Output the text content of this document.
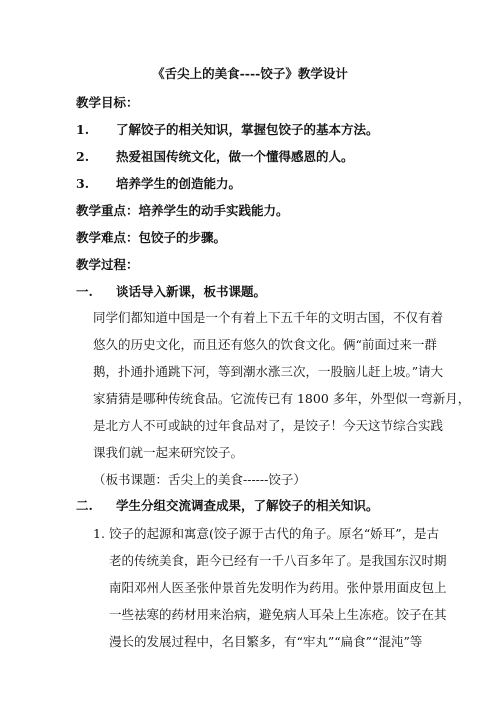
《舌尖上的美食----饺子》教学设计
教学目标：
1. 了解饺子的相关知识，掌握包饺子的基本方法。
2. 热爱祖国传统文化，做一个懂得感恩的人。
3. 培养学生的创造能力。
教学重点：培养学生的动手实践能力。
教学难点：包饺子的步骤。
教学过程：
一. 谈话导入新课，板书课题。
同学们都知道中国是一个有着上下五千年的文明古国，不仅有着
悠久的历史文化，而且还有悠久的饮食文化。俩“前面过来一群
鹅，扑通扑通跳下河，等到潮水涨三次，一股脑儿赶上坡。”请大
家猜猜是哪种传统食品。它流传已有 1800 多年，外型似一弯新月，
是北方人不可或缺的过年食品对了，是饺子！今天这节综合实践
课我们就一起来研究饺子。
（板书课题：舌尖上的美食------饺子）
二. 学生分组交流调查成果，了解饺子的相关知识。
1. 饺子的起源和寓意(饺子源于古代的角子。原名“娇耳”，是古
老的传统美食，距今已经有一千八百多年了。是我国东汉时期
南阳邓州人医圣张仲景首先发明作为药用。张仲景用面皮包上
一些祛寒的药材用来治病，避免病人耳朵上生冻疮。饺子在其
漫长的发展过程中，名目繁多，有“牢丸”“扁食”“混沌”等
